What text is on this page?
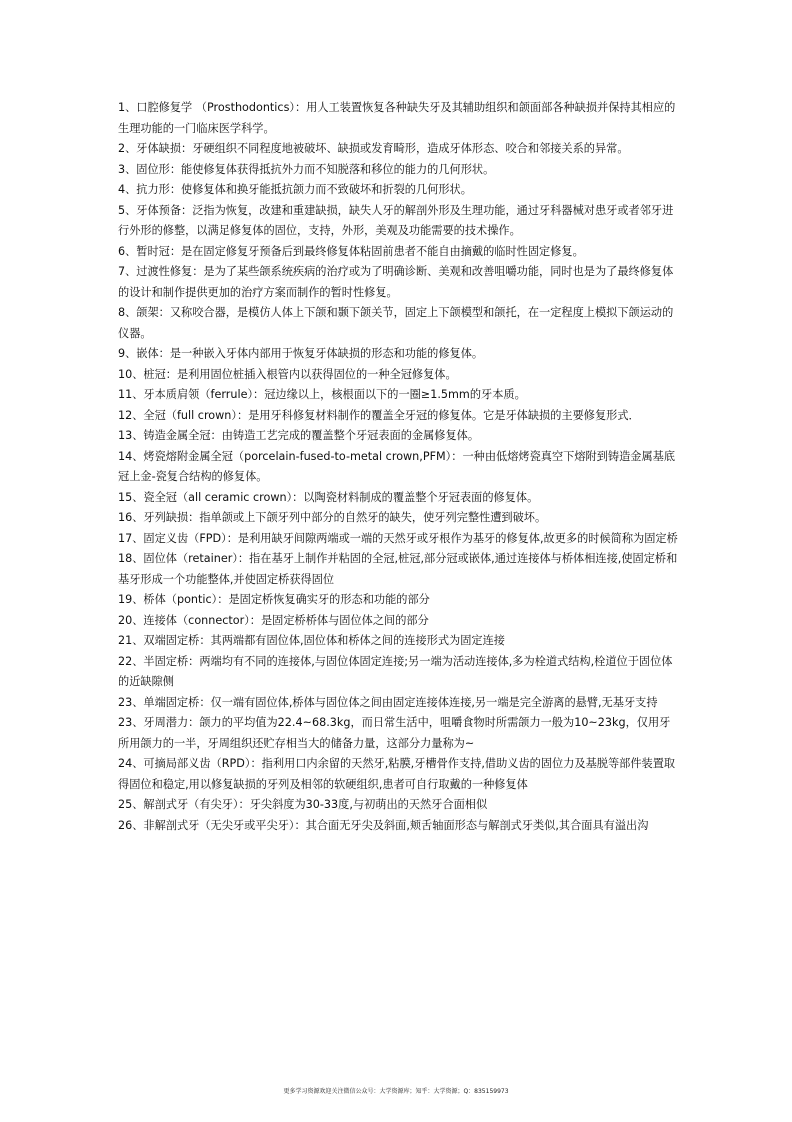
1、口腔修复学 （Prosthodontics）：用人工装置恢复各种缺失牙及其辅助组织和颌面部各种缺损并保持其相应的生理功能的一门临床医学科学。

2、牙体缺损：牙硬组织不同程度地被破坏、缺损或发育畸形，造成牙体形态、咬合和邻接关系的异常。

3、固位形：能使修复体获得抵抗外力而不知脱落和移位的能力的几何形状。

4、抗力形：使修复体和换牙能抵抗颌力而不致破坏和折裂的几何形状。

5、牙体预备：泛指为恢复，改建和重建缺损，缺失人牙的解剖外形及生理功能，通过牙科器械对患牙或者邻牙进行外形的修整，以满足修复体的固位，支持，外形，美观及功能需要的技术操作。

6、暂时冠：是在固定修复牙预备后到最终修复体粘固前患者不能自由摘戴的临时性固定修复。

7、过渡性修复：是为了某些颌系统疾病的治疗或为了明确诊断、美观和改善咀嚼功能，同时也是为了最终修复体的设计和制作提供更加的治疗方案而制作的暂时性修复。

8、颌架：又称咬合器，是模仿人体上下颌和颞下颌关节，固定上下颌模型和颌托，在一定程度上模拟下颌运动的仪器。

9、嵌体：是一种嵌入牙体内部用于恢复牙体缺损的形态和功能的修复体。

10、桩冠：是利用固位桩插入根管内以获得固位的一种全冠修复体。

11、牙本质肩领（ferrule）：冠边缘以上，核根面以下的一圈≥1.5mm的牙本质。

12、全冠（full crown）：是用牙科修复材料制作的覆盖全牙冠的修复体。它是牙体缺损的主要修复形式．

13、铸造金属全冠：由铸造工艺完成的覆盖整个牙冠表面的金属修复体。

14、烤瓷熔附金属全冠（porcelain-fused-to-metal crown,PFM）：一种由低熔烤瓷真空下熔附到铸造金属基底冠上金-瓷复合结构的修复体。

15、瓷全冠（all ceramic crown）：以陶瓷材料制成的覆盖整个牙冠表面的修复体。

16、牙列缺损：指单颌或上下颌牙列中部分的自然牙的缺失，使牙列完整性遭到破坏。

17、固定义齿（FPD）：是利用缺牙间隙两端或一端的天然牙或牙根作为基牙的修复体,故更多的时候简称为固定桥

18、固位体（retainer）：指在基牙上制作并粘固的全冠,桩冠,部分冠或嵌体,通过连接体与桥体相连接,使固定桥和基牙形成一个功能整体,并使固定桥获得固位

19、桥体（pontic）：是固定桥恢复确实牙的形态和功能的部分

20、连接体（connector）：是固定桥桥体与固位体之间的部分

21、双端固定桥：其两端都有固位体,固位体和桥体之间的连接形式为固定连接

22、半固定桥：两端均有不同的连接体,与固位体固定连接;另一端为活动连接体,多为栓道式结构,栓道位于固位体的近缺隙侧

23、单端固定桥：仅一端有固位体,桥体与固位体之间由固定连接体连接,另一端是完全游离的悬臂,无基牙支持

23、牙周潜力：颌力的平均值为22.4~68.3kg，而日常生活中，咀嚼食物时所需颌力一般为10~23kg，仅用牙所用颌力的一半，牙周组织还贮存相当大的储备力量，这部分力量称为~

24、可摘局部义齿（RPD）：指利用口内余留的天然牙,粘膜,牙槽骨作支持,借助义齿的固位力及基脱等部件装置取得固位和稳定,用以修复缺损的牙列及相邻的软硬组织,患者可自行取戴的一种修复体

25、解剖式牙（有尖牙）：牙尖斜度为30-33度,与初萌出的天然牙合面相似

26、非解剖式牙（无尖牙或平尖牙）：其合面无牙尖及斜面,颊舌轴面形态与解剖式牙类似,其合面具有溢出沟

更多学习资源欢迎关注微信公众号：大学资源库；知乎：大学资源；Q：835159973
